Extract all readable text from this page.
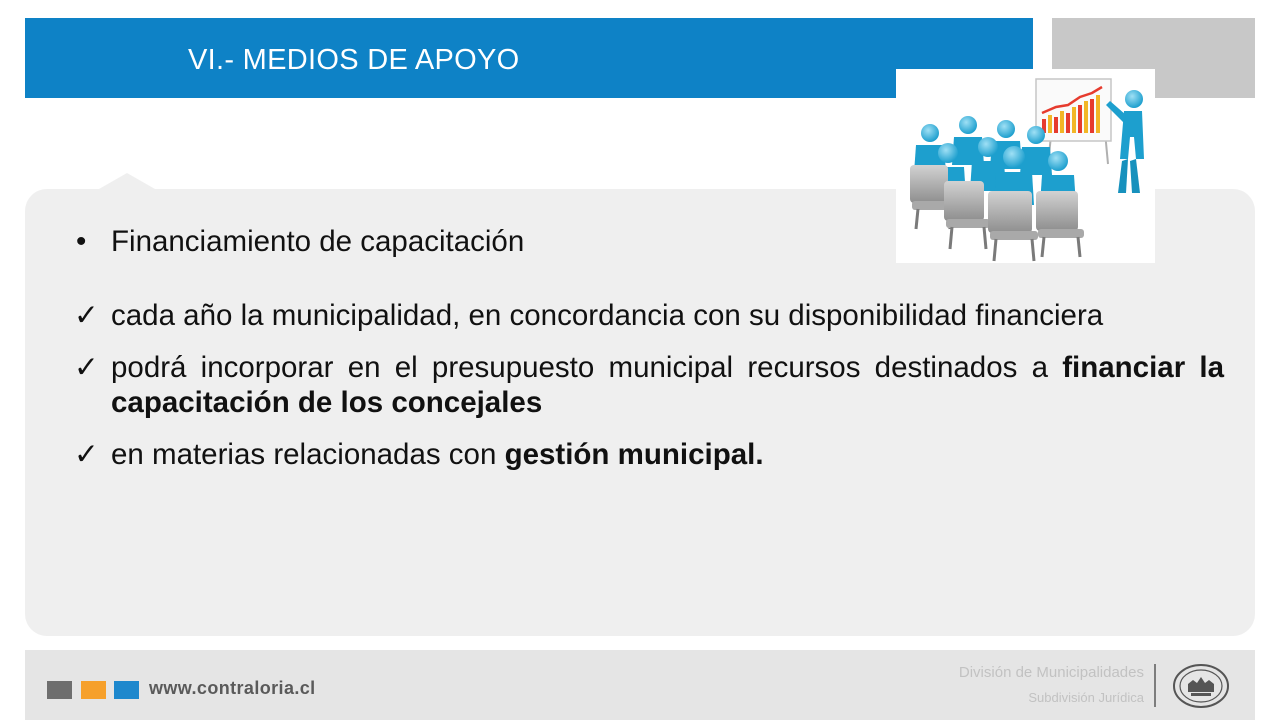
VI.- MEDIOS DE APOYO
• Financiamiento de capacitación
✓ cada año la municipalidad, en concordancia con su disponibilidad financiera
✓ podrá incorporar en el presupuesto municipal recursos destinados a financiar la capacitación de los concejales
✓ en materias relacionadas con gestión municipal.
www.contraloria.cl
División de Municipalidades
Subdivisión Jurídica
